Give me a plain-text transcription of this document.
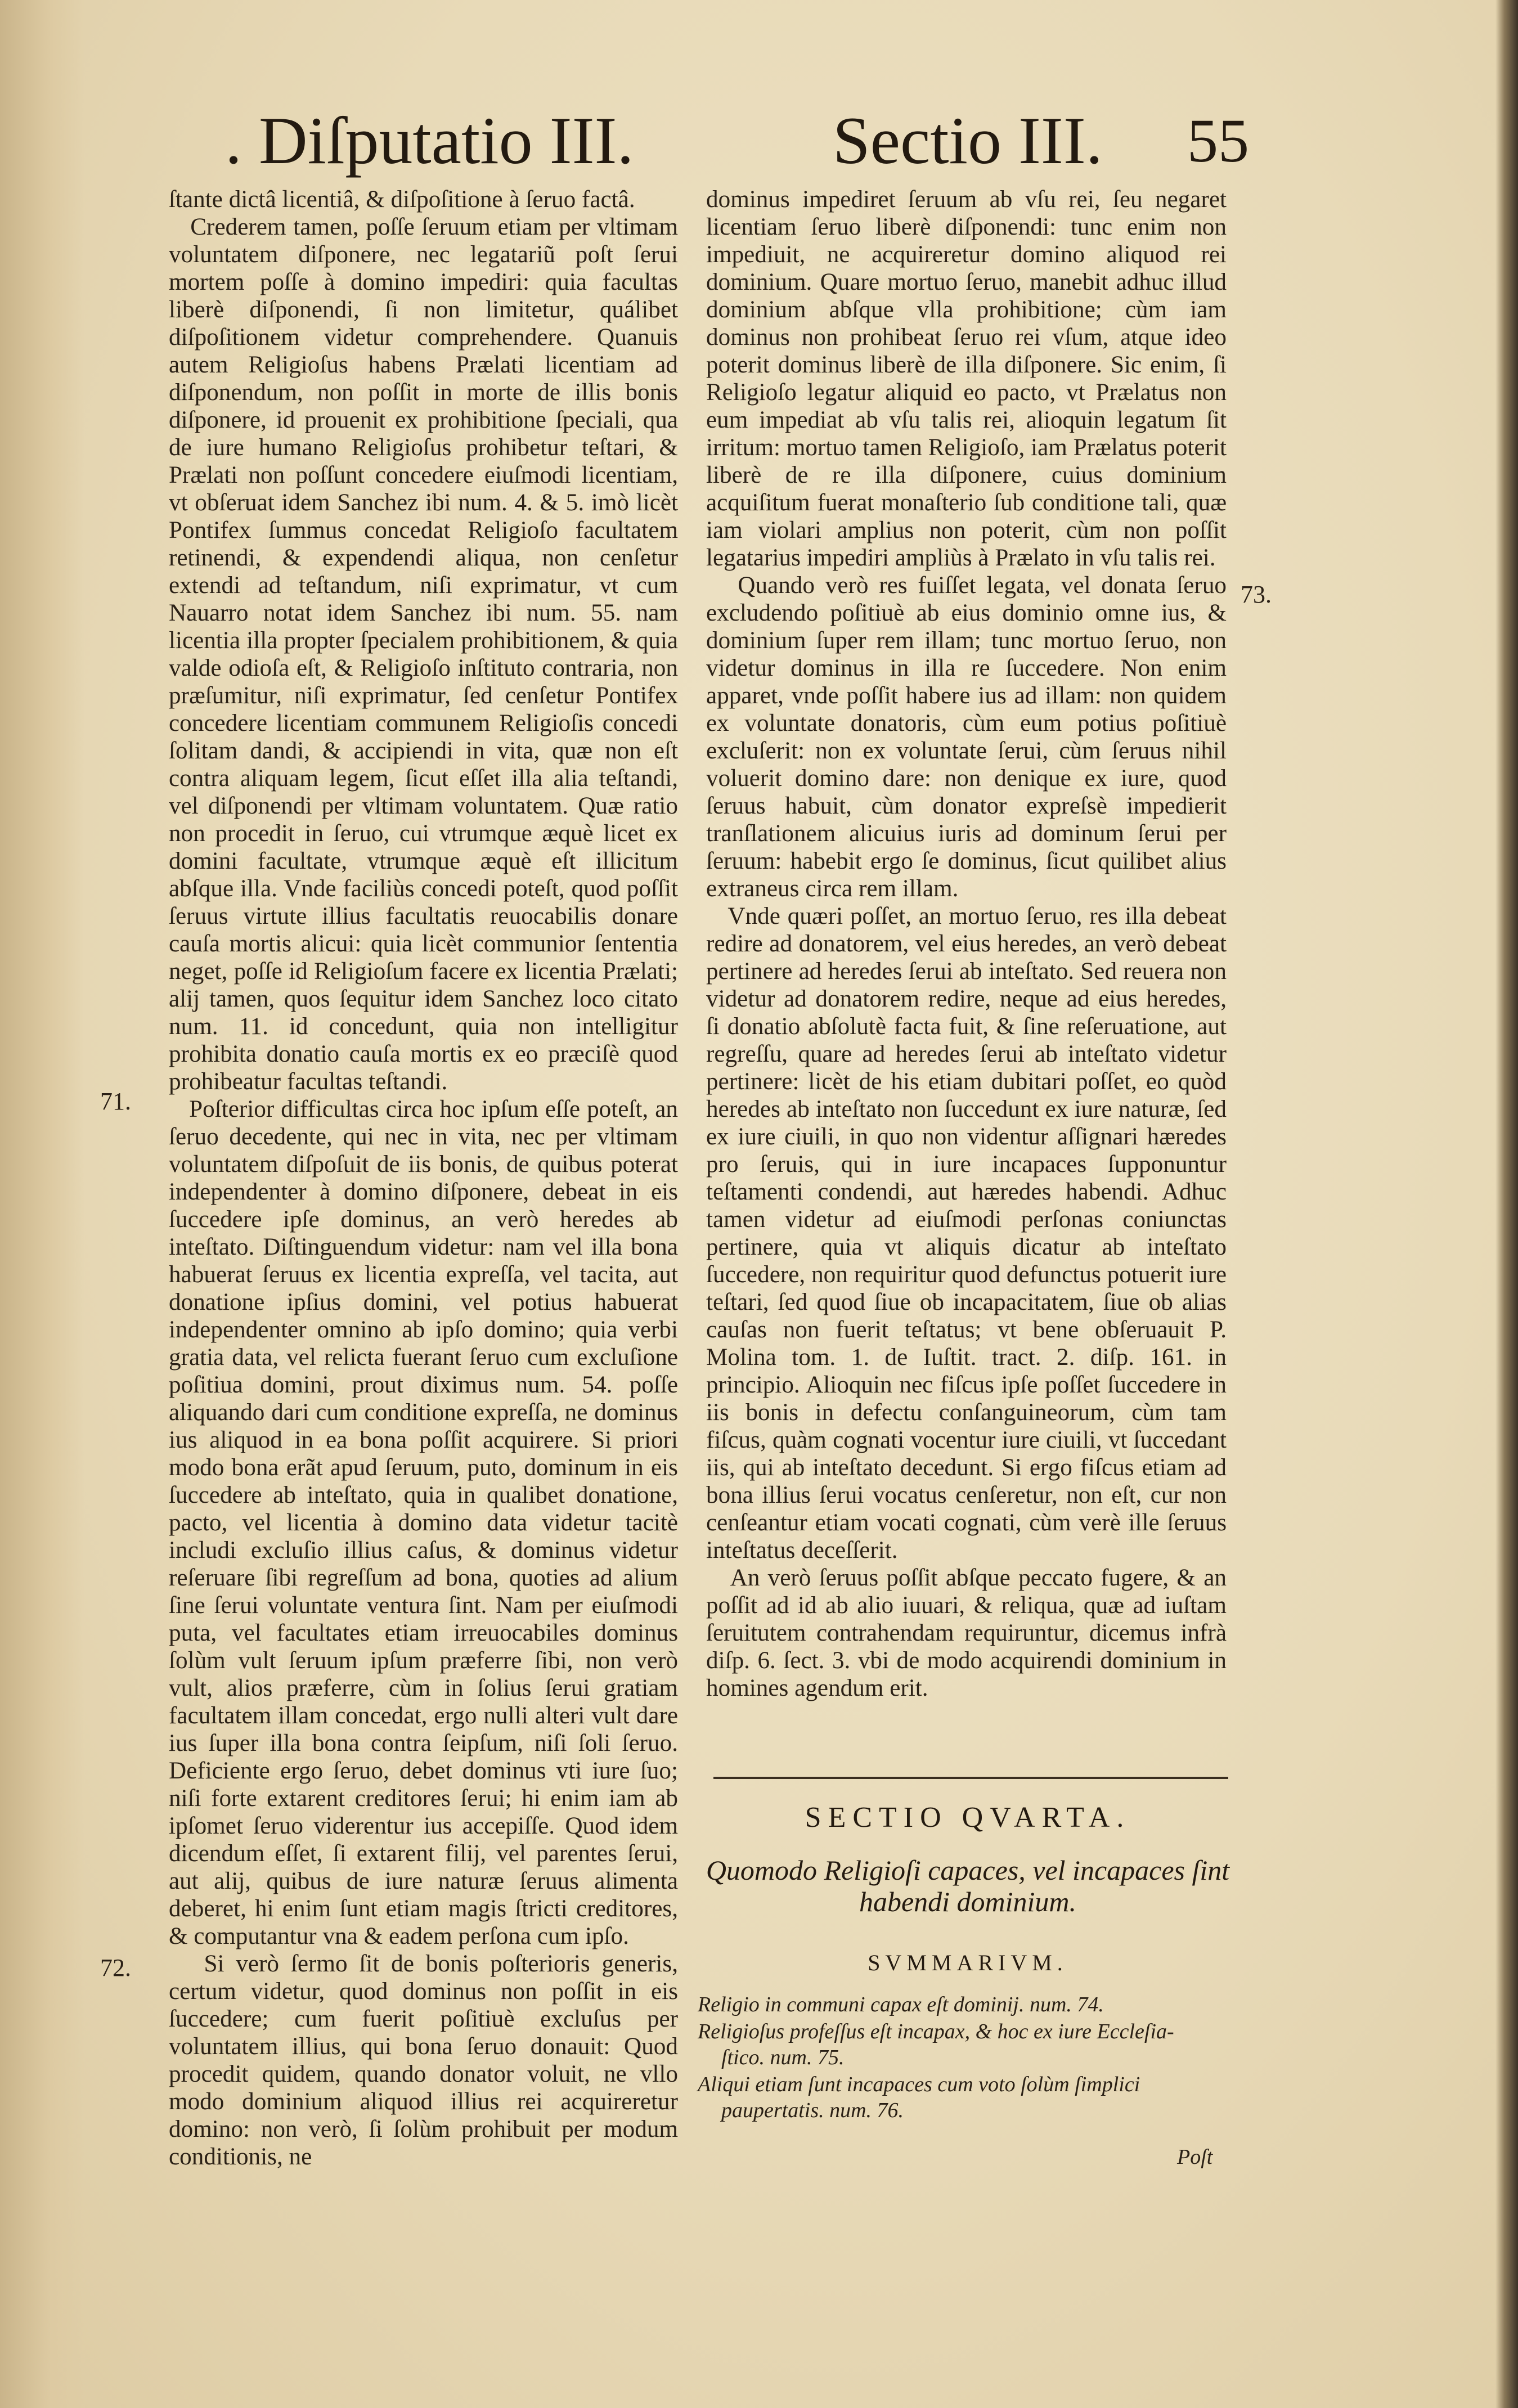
. Diſputatio III.	Sectio III. 55
ſtante dictâ licentiâ, & diſpoſitione à ſeruo factâ.
Crederem tamen, poſſe ſeruum etiam per vltimam voluntatem diſponere, nec legatariũ poſt ſerui mortem poſſe à domino impediri: quia facultas liberè diſponendi, ſi non limitetur, quálibet diſpoſitionem videtur comprehendere. Quanuis autem Religioſus habens Prælati licentiam ad diſponendum, non poſſit in morte de illis bonis diſponere, id prouenit ex prohibitione ſpeciali, qua de iure humano Religioſus prohibetur teſtari, & Prælati non poſſunt concedere eiuſmodi licentiam, vt obſeruat idem Sanchez ibi num. 4. & 5. imò licèt Pontifex ſummus concedat Religioſo facultatem retinendi, & expendendi aliqua, non cenſetur extendi ad teſtandum, niſi exprimatur, vt cum Nauarro notat idem Sanchez ibi num. 55. nam licentia illa propter ſpecialem prohibitionem, & quia valde odioſa eſt, & Religioſo inſtituto contraria, non præſumitur, niſi exprimatur, ſed cenſetur Pontifex concedere licentiam communem Religioſis concedi ſolitam dandi, & accipiendi in vita, quæ non eſt contra aliquam legem, ſicut eſſet illa alia teſtandi, vel diſponendi per vltimam voluntatem. Quæ ratio non procedit in ſeruo, cui vtrumque æquè licet ex domini facultate, vtrumque æquè eſt illicitum abſque illa. Vnde faciliùs concedi poteſt, quod poſſit ſeruus virtute illius facultatis reuocabilis donare cauſa mortis alicui: quia licèt communior ſententia neget, poſſe id Religioſum facere ex licentia Prælati; alij tamen, quos ſequitur idem Sanchez loco citato num. 11. id concedunt, quia non intelligitur prohibita donatio cauſa mortis ex eo præciſè quod prohibeatur facultas teſtandi.
Poſterior difficultas circa hoc ipſum eſſe poteſt, an ſeruo decedente, qui nec in vita, nec per vltimam voluntatem diſpoſuit de iis bonis, de quibus poterat independenter à domino diſponere, debeat in eis ſuccedere ipſe dominus, an verò heredes ab inteſtato. Diſtinguendum videtur: nam vel illa bona habuerat ſeruus ex licentia expreſſa, vel tacita, aut donatione ipſius domini, vel potius habuerat independenter omnino ab ipſo domino; quia verbi gratia data, vel relicta fuerant ſeruo cum excluſione poſitiua domini, prout diximus num. 54. poſſe aliquando dari cum conditione expreſſa, ne dominus ius aliquod in ea bona poſſit acquirere. Si priori modo bona erãt apud ſeruum, puto, dominum in eis ſuccedere ab inteſtato, quia in qualibet donatione, pacto, vel licentia à domino data videtur tacitè includi excluſio illius caſus, & dominus videtur reſeruare ſibi regreſſum ad bona, quoties ad alium ſine ſerui voluntate ventura ſint. Nam per eiuſmodi puta, vel facultates etiam irreuocabiles dominus ſolùm vult ſeruum ipſum præferre ſibi, non verò vult, alios præferre, cùm in ſolius ſerui gratiam facultatem illam concedat, ergo nulli alteri vult dare ius ſuper illa bona contra ſeipſum, niſi ſoli ſeruo. Deficiente ergo ſeruo, debet dominus vti iure ſuo; niſi forte extarent creditores ſerui; hi enim iam ab ipſomet ſeruo viderentur ius accepiſſe. Quod idem dicendum eſſet, ſi extarent filij, vel parentes ſerui, aut alij, quibus de iure naturæ ſeruus alimenta deberet, hi enim ſunt etiam magis ſtricti creditores, & computantur vna & eadem perſona cum ipſo.
Si verò ſermo ſit de bonis poſterioris generis, certum videtur, quod dominus non poſſit in eis ſuccedere; cum fuerit poſitiuè excluſus per voluntatem illius, qui bona ſeruo donauit: Quod procedit quidem, quando donator voluit, ne vllo modo dominium aliquod illius rei acquireretur domino: non verò, ſi ſolùm prohibuit per modum conditionis, ne
dominus impediret ſeruum ab vſu rei, ſeu negaret licentiam ſeruo liberè diſponendi: tunc enim non impediuit, ne acquireretur domino aliquod rei dominium. Quare mortuo ſeruo, manebit adhuc illud dominium abſque vlla prohibitione; cùm iam dominus non prohibeat ſeruo rei vſum, atque ideo poterit dominus liberè de illa diſponere. Sic enim, ſi Religioſo legatur aliquid eo pacto, vt Prælatus non eum impediat ab vſu talis rei, alioquin legatum ſit irritum: mortuo tamen Religioſo, iam Prælatus poterit liberè de re illa diſponere, cuius dominium acquiſitum fuerat monaſterio ſub conditione tali, quæ iam violari amplius non poterit, cùm non poſſit legatarius impediri ampliùs à Prælato in vſu talis rei.
Quando verò res fuiſſet legata, vel donata ſeruo excludendo poſitiuè ab eius dominio omne ius, & dominium ſuper rem illam; tunc mortuo ſeruo, non videtur dominus in illa re ſuccedere. Non enim apparet, vnde poſſit habere ius ad illam: non quidem ex voluntate donatoris, cùm eum potius poſitiuè excluſerit: non ex voluntate ſerui, cùm ſeruus nihil voluerit domino dare: non denique ex iure, quod ſeruus habuit, cùm donator expreſsè impedierit tranſlationem alicuius iuris ad dominum ſerui per ſeruum: habebit ergo ſe dominus, ſicut quilibet alius extraneus circa rem illam.
Vnde quæri poſſet, an mortuo ſeruo, res illa debeat redire ad donatorem, vel eius heredes, an verò debeat pertinere ad heredes ſerui ab inteſtato. Sed reuera non videtur ad donatorem redire, neque ad eius heredes, ſi donatio abſolutè facta fuit, & ſine reſeruatione, aut regreſſu, quare ad heredes ſerui ab inteſtato videtur pertinere: licèt de his etiam dubitari poſſet, eo quòd heredes ab inteſtato non ſuccedunt ex iure naturæ, ſed ex iure ciuili, in quo non videntur aſſignari hæredes pro ſeruis, qui in iure incapaces ſupponuntur teſtamenti condendi, aut hæredes habendi. Adhuc tamen videtur ad eiuſmodi perſonas coniunctas pertinere, quia vt aliquis dicatur ab inteſtato ſuccedere, non requiritur quod defunctus potuerit iure teſtari, ſed quod ſiue ob incapacitatem, ſiue ob alias cauſas non fuerit teſtatus; vt bene obſeruauit P. Molina tom. 1. de Iuſtit. tract. 2. diſp. 161. in principio. Alioquin nec fiſcus ipſe poſſet ſuccedere in iis bonis in defectu conſanguineorum, cùm tam fiſcus, quàm cognati vocentur iure ciuili, vt ſuccedant iis, qui ab inteſtato decedunt. Si ergo fiſcus etiam ad bona illius ſerui vocatus cenſeretur, non eſt, cur non cenſeantur etiam vocati cognati, cùm verè ille ſeruus inteſtatus deceſſerit.
An verò ſeruus poſſit abſque peccato fugere, & an poſſit ad id ab alio iuuari, & reliqua, quæ ad iuſtam ſeruitutem contrahendam requiruntur, dicemus infrà diſp. 6. ſect. 3. vbi de modo acquirendi dominium in homines agendum erit.
71.
72.
73.
SECTIO QVARTA.
Quomodo Religioſi capaces, vel incapaces ſint habendi dominium.
SVMMARIVM.
Religio in communi capax eſt dominij. num. 74.
Religioſus profeſſus eſt incapax, & hoc ex iure Eccleſia-
ſtico. num. 75.
Aliqui etiam ſunt incapaces cum voto ſolùm ſimplici
paupertatis. num. 76.
Poſt
